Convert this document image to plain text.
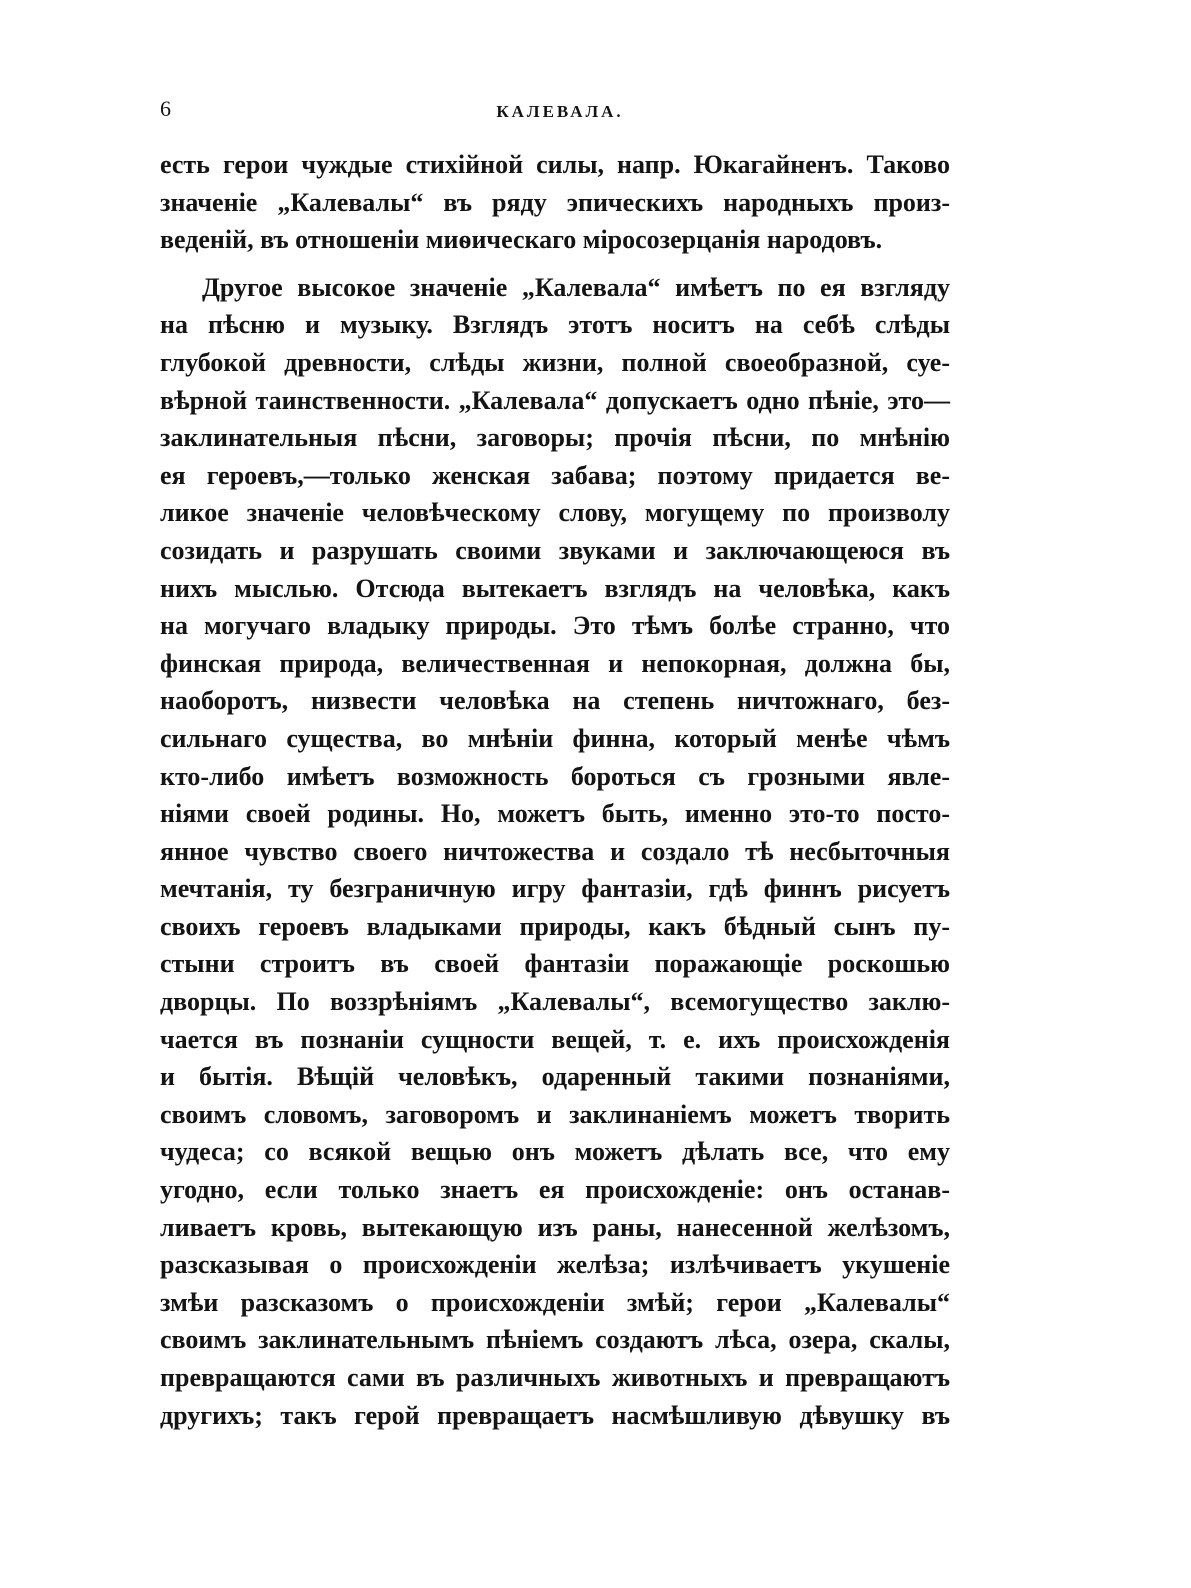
6	КАЛЕВАЛА.
есть герои чуждые стихійной силы, напр. Юкагайненъ. Таково
значеніе „Калевалы“ въ ряду эпическихъ народныхъ произ-
веденій, въ отношеніи миѳическаго міросозерцанія народовъ.
Другое высокое значеніе „Калевала“ имѣетъ по ея взгляду
на пѣсню и музыку. Взглядъ этотъ носитъ на себѣ слѣды
глубокой древности, слѣды жизни, полной своеобразной, суе-
вѣрной таинственности. „Калевала“ допускаетъ одно пѣніе, это—
заклинательныя пѣсни, заговоры; прочія пѣсни, по мнѣнію
ея героевъ,—только женская забава; поэтому придается ве-
ликое значеніе человѣческому слову, могущему по произволу
созидать и разрушать своими звуками и заключающеюся въ
нихъ мыслью. Отсюда вытекаетъ взглядъ на человѣка, какъ
на могучаго владыку природы. Это тѣмъ болѣе странно, что
финская природа, величественная и непокорная, должна бы,
наоборотъ, низвести человѣка на степень ничтожнаго, без-
сильнаго существа, во мнѣніи финна, который менѣе чѣмъ
кто-либо имѣетъ возможность бороться съ грозными явле-
ніями своей родины. Но, можетъ быть, именно это-то посто-
янное чувство своего ничтожества и создало тѣ несбыточныя
мечтанія, ту безграничную игру фантазіи, гдѣ финнъ рисуетъ
своихъ героевъ владыками природы, какъ бѣдный сынъ пу-
стыни строитъ въ своей фантазіи поражающіе роскошью
дворцы. По воззрѣніямъ „Калевалы“, всемогущество заклю-
чается въ познаніи сущности вещей, т. е. ихъ происхожденія
и бытія. Вѣщій человѣкъ, одаренный такими познаніями,
своимъ словомъ, заговоромъ и заклинаніемъ можетъ творить
чудеса; со всякой вещью онъ можетъ дѣлать все, что ему
угодно, если только знаетъ ея происхожденіе: онъ останав-
ливаетъ кровь, вытекающую изъ раны, нанесенной желѣзомъ,
разсказывая о происхожденіи желѣза; излѣчиваетъ укушеніе
змѣи разсказомъ о происхожденіи змѣй; герои „Калевалы“
своимъ заклинательнымъ пѣніемъ создаютъ лѣса, озера, скалы,
превращаются сами въ различныхъ животныхъ и превращаютъ
другихъ; такъ герой превращаетъ насмѣшливую дѣвушку въ
